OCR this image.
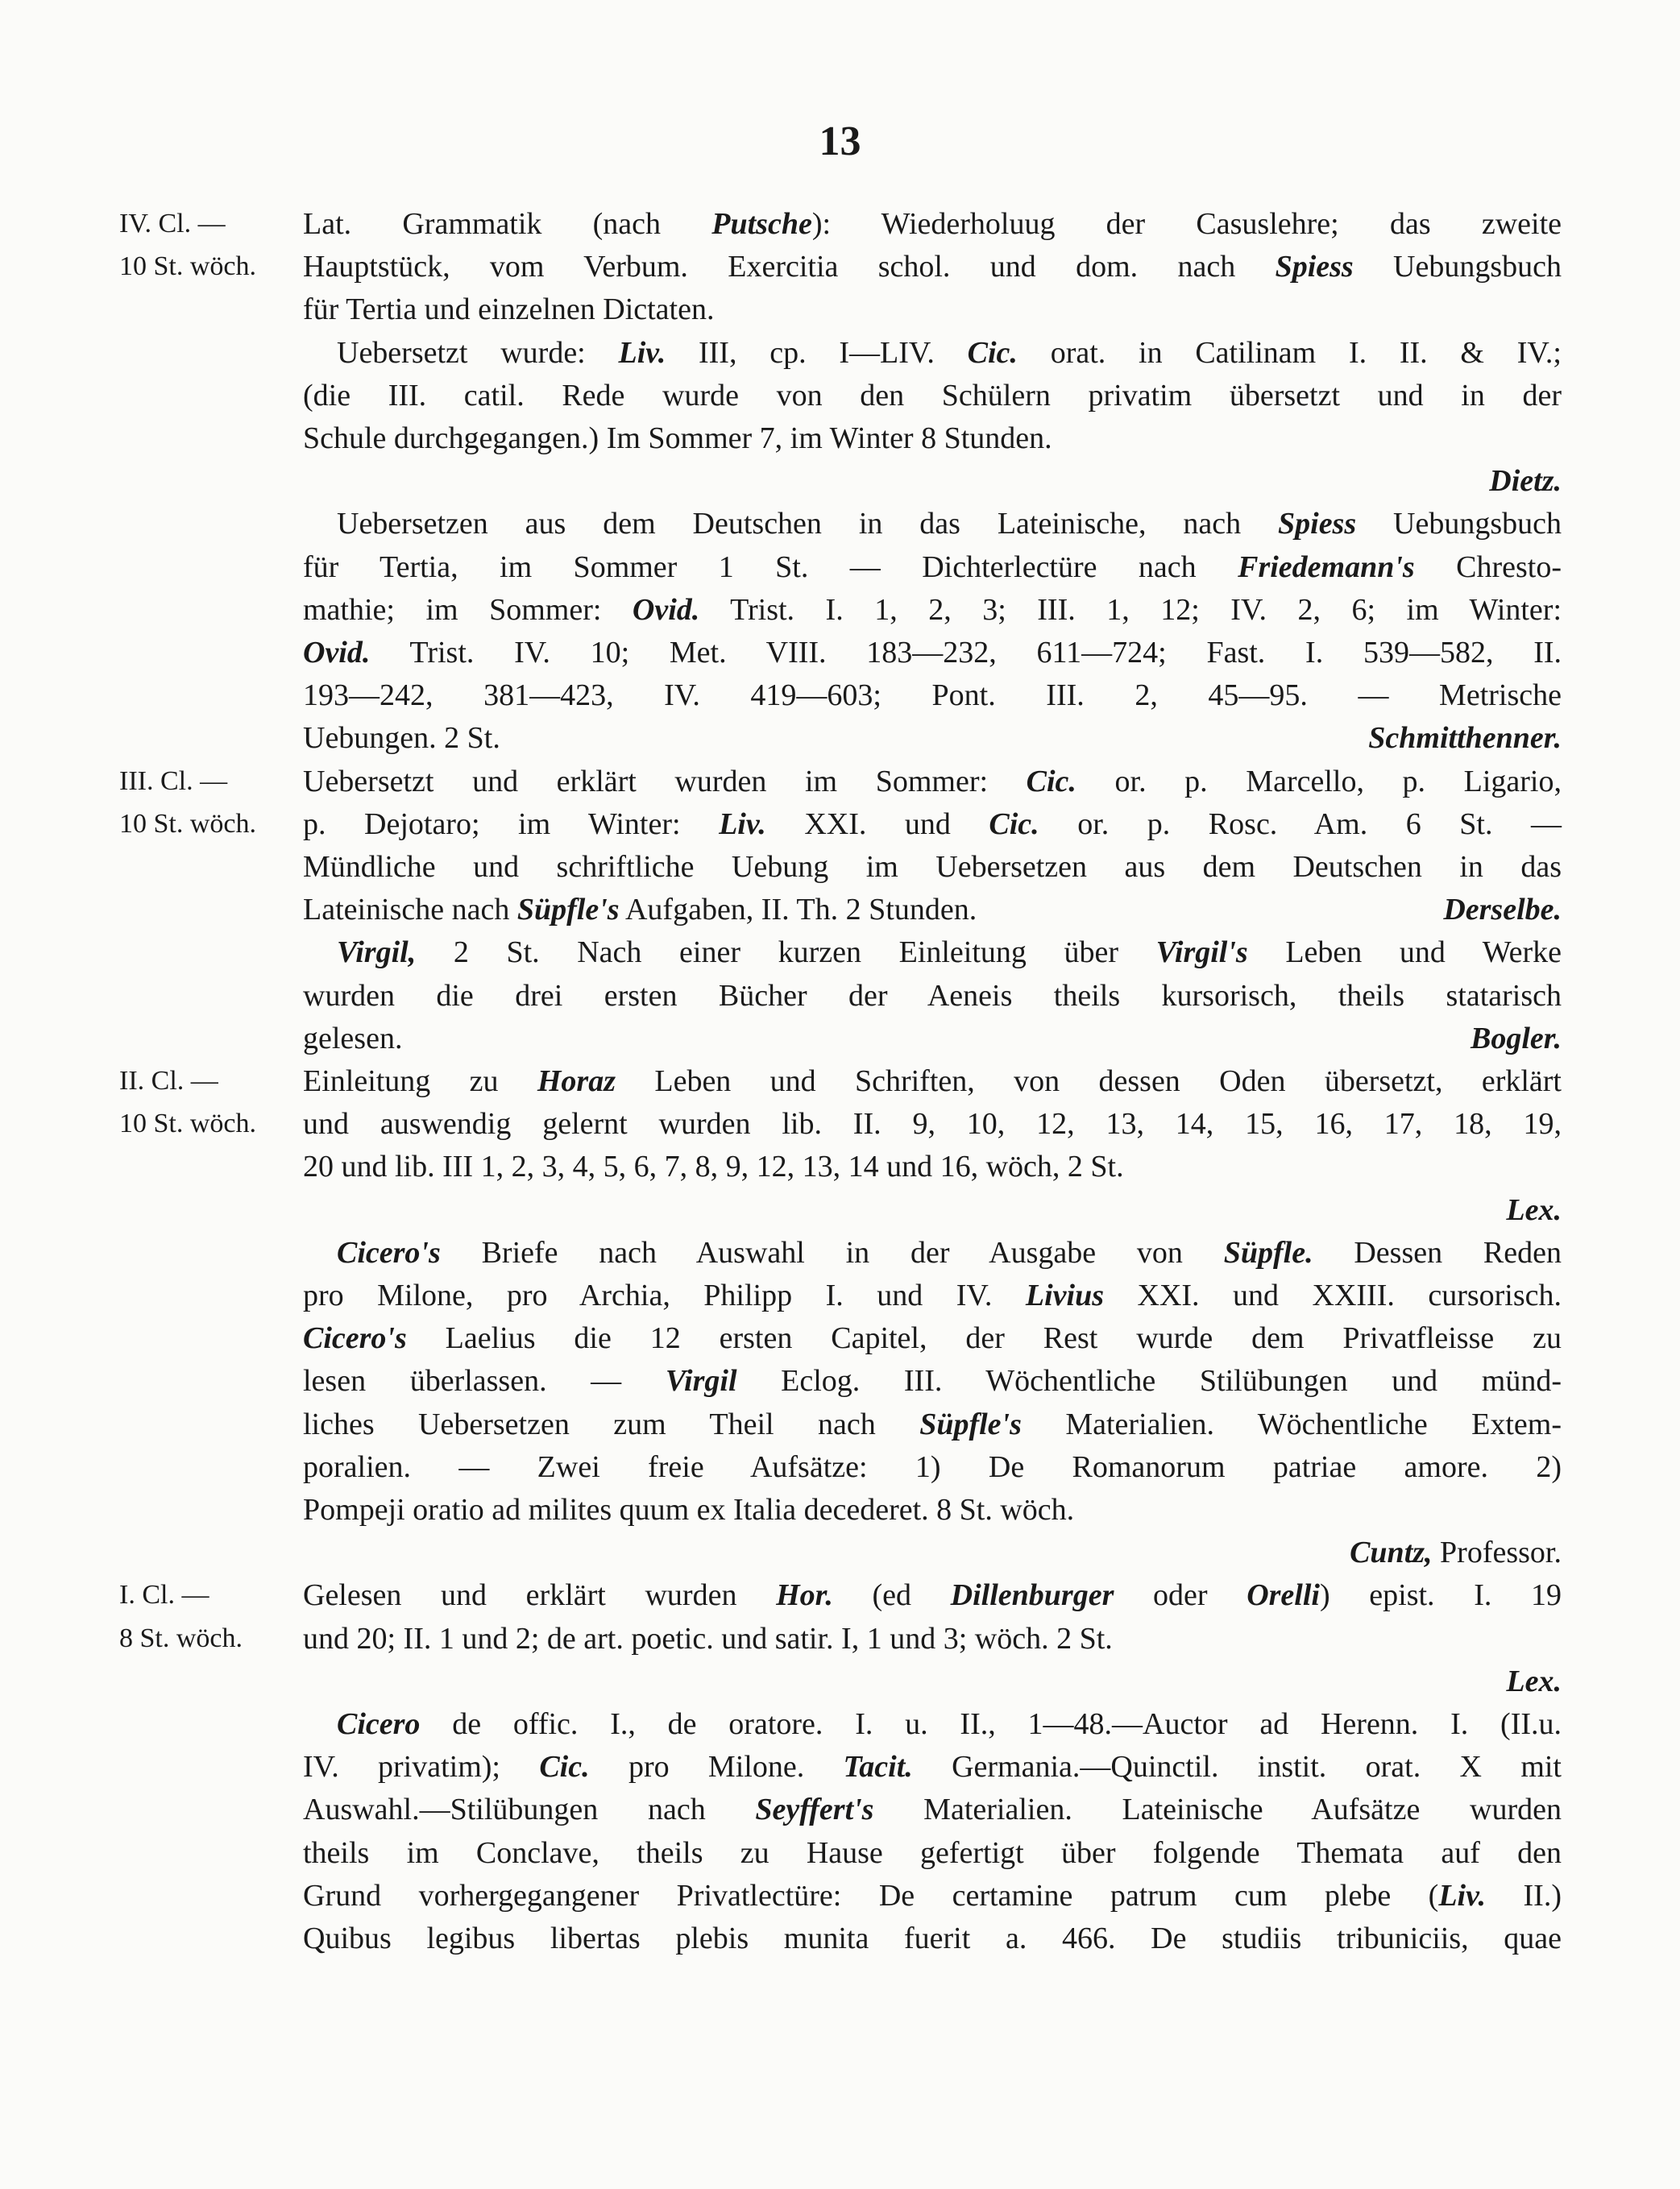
13
IV. Cl. —	Lat. Grammatik (nach Putsche): Wiederholuug der Casuslehre; das zweite
10 St. wöch.	Hauptstück, vom Verbum. Exercitia schol. und dom. nach Spiess Uebungsbuch
für Tertia und einzelnen Dictaten.
Uebersetzt wurde: Liv. III, cp. I—LIV. Cic. orat. in Catilinam I. II. & IV.;
(die III. catil. Rede wurde von den Schülern privatim übersetzt und in der
Schule durchgegangen.) Im Sommer 7, im Winter 8 Stunden.
Dietz.
Uebersetzen aus dem Deutschen in das Lateinische, nach Spiess Uebungsbuch
für Tertia, im Sommer 1 St. — Dichterlectüre nach Friedemann's Chresto-
mathie; im Sommer: Ovid. Trist. I. 1, 2, 3; III. 1, 12; IV. 2, 6; im Winter:
Ovid. Trist. IV. 10; Met. VIII. 183—232, 611—724; Fast. I. 539—582, II.
193—242, 381—423, IV. 419—603; Pont. III. 2, 45—95. — Metrische
Uebungen. 2 St.	Schmitthenner.
III. Cl. —	Uebersetzt und erklärt wurden im Sommer: Cic. or. p. Marcello, p. Ligario,
10 St. wöch.	p. Dejotaro; im Winter: Liv. XXI. und Cic. or. p. Rosc. Am. 6 St. —
Mündliche und schriftliche Uebung im Uebersetzen aus dem Deutschen in das
Lateinische nach Süpfle's Aufgaben, II. Th. 2 Stunden.	Derselbe.
Virgil, 2 St. Nach einer kurzen Einleitung über Virgil's Leben und Werke
wurden die drei ersten Bücher der Aeneis theils kursorisch, theils statarisch
gelesen.	Bogler.
II. Cl. —	Einleitung zu Horaz Leben und Schriften, von dessen Oden übersetzt, erklärt
10 St. wöch.	und auswendig gelernt wurden lib. II. 9, 10, 12, 13, 14, 15, 16, 17, 18, 19,
20 und lib. III 1, 2, 3, 4, 5, 6, 7, 8, 9, 12, 13, 14 und 16, wöch, 2 St.
Lex.
Cicero's Briefe nach Auswahl in der Ausgabe von Süpfle. Dessen Reden
pro Milone, pro Archia, Philipp I. und IV. Livius XXI. und XXIII. cursorisch.
Cicero's Laelius die 12 ersten Capitel, der Rest wurde dem Privatfleisse zu
lesen überlassen. — Virgil Eclog. III. Wöchentliche Stilübungen und münd-
liches Uebersetzen zum Theil nach Süpfle's Materialien. Wöchentliche Extem-
poralien. — Zwei freie Aufsätze: 1) De Romanorum patriae amore. 2)
Pompeji oratio ad milites quum ex Italia decederet. 8 St. wöch.
Cuntz, Professor.
I. Cl. —	Gelesen und erklärt wurden Hor. (ed Dillenburger oder Orelli) epist. I. 19
8 St. wöch.	und 20; II. 1 und 2; de art. poetic. und satir. I, 1 und 3; wöch. 2 St.
Lex.
Cicero de offic. I., de oratore. I. u. II., 1—48.—Auctor ad Herenn. I. (II.u.
IV. privatim); Cic. pro Milone. Tacit. Germania.—Quinctil. instit. orat. X mit
Auswahl.—Stilübungen nach Seyffert's Materialien. Lateinische Aufsätze wurden
theils im Conclave, theils zu Hause gefertigt über folgende Themata auf den
Grund vorhergegangener Privatlectüre: De certamine patrum cum plebe (Liv. II.)
Quibus legibus libertas plebis munita fuerit a. 466. De studiis tribuniciis, quae
